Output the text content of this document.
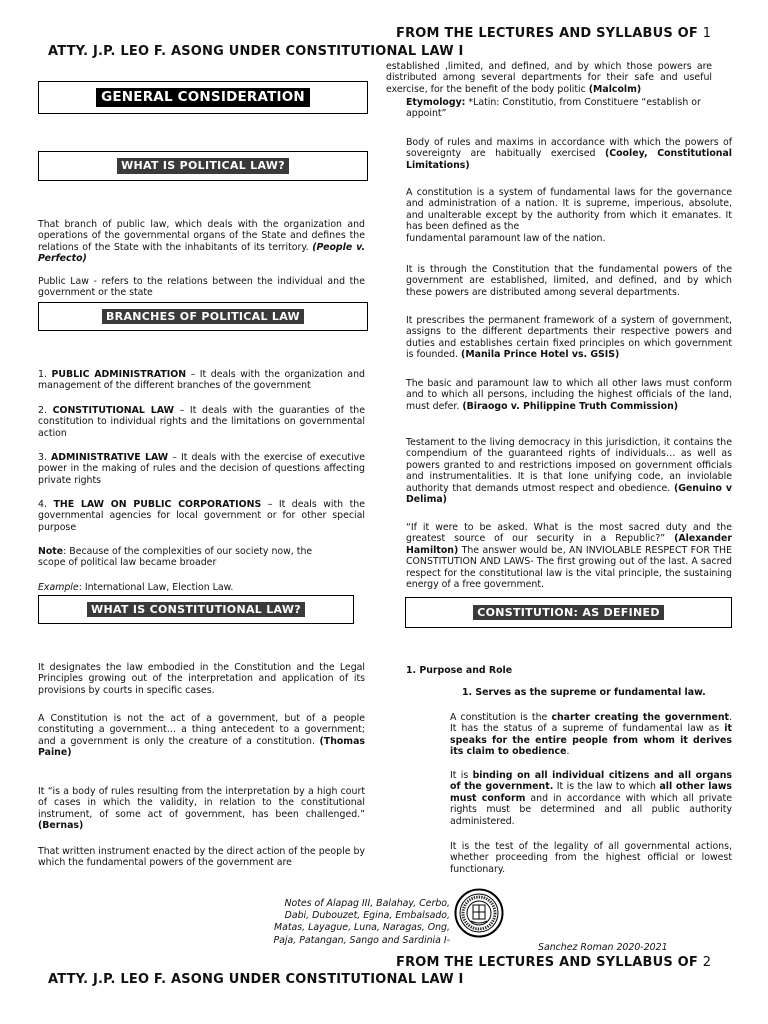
FROM THE LECTURES AND SYLLABUS OF 1
ATTY. J.P. LEO F. ASONG UNDER CONSTITUTIONAL LAW I
GENERAL CONSIDERATION
WHAT IS POLITICAL LAW?
That branch of public law, which deals with the organization and operations of the governmental organs of the State and defines the relations of the State with the inhabitants of its territory. (People v. Perfecto)
Public Law - refers to the relations between the individual and the government or the state
BRANCHES OF POLITICAL LAW
1. PUBLIC ADMINISTRATION – It deals with the organization and management of the different branches of the government
2. CONSTITUTIONAL LAW – It deals with the guaranties of the constitution to individual rights and the limitations on governmental action
3. ADMINISTRATIVE LAW – It deals with the exercise of executive power in the making of rules and the decision of questions affecting private rights
4. THE LAW ON PUBLIC CORPORATIONS – It deals with the governmental agencies for local government or for other special purpose
Note: Because of the complexities of our society now, the scope of political law became broader
Example: International Law, Election Law.
WHAT IS CONSTITUTIONAL LAW?
It designates the law embodied in the Constitution and the Legal Principles growing out of the interpretation and application of its provisions by courts in specific cases.
A Constitution is not the act of a government, but of a people constituting a government… a thing antecedent to a government; and a government is only the creature of a constitution. (Thomas Paine)
It “is a body of rules resulting from the interpretation by a high court of cases in which the validity, in relation to the constitutional instrument, of some act of government, has been challenged.” (Bernas)
That written instrument enacted by the direct action of the people by which the fundamental powers of the government are
established ,limited, and defined, and by which those powers are distributed among several departments for their safe and useful exercise, for the benefit of the body politic (Malcolm)
Etymology: *Latin: Constitutio, from Constituere “establish or appoint”
Body of rules and maxims in accordance with which the powers of sovereignty are habitually exercised (Cooley, Constitutional Limitations)
A constitution is a system of fundamental laws for the governance and administration of a nation. It is supreme, imperious, absolute, and unalterable except by the authority from which it emanates. It has been defined as the
fundamental paramount law of the nation.
It is through the Constitution that the fundamental powers of the government are established, limited, and defined, and by which these powers are distributed among several departments.
It prescribes the permanent framework of a system of government, assigns to the different departments their respective powers and duties and establishes certain fixed principles on which government is founded. (Manila Prince Hotel vs. GSIS)
The basic and paramount law to which all other laws must conform and to which all persons, including the highest officials of the land, must defer. (Biraogo v. Philippine Truth Commission)
Testament to the living democracy in this jurisdiction, it contains the compendium of the guaranteed rights of individuals… as well as powers granted to and restrictions imposed on government officials and instrumentalities. It is that lone unifying code, an inviolable authority that demands utmost respect and obedience. (Genuino v Delima)
“If it were to be asked. What is the most sacred duty and the greatest source of our security in a Republic?” (Alexander Hamilton) The answer would be, AN INVIOLABLE RESPECT FOR THE CONSTITUTION AND LAWS- The first growing out of the last. A sacred respect for the constitutional law is the vital principle, the sustaining energy of a free government.
CONSTITUTION: AS DEFINED
1. Purpose and Role
1. Serves as the supreme or fundamental law.
A constitution is the charter creating the government. It has the status of a supreme of fundamental law as it speaks for the entire people from whom it derives its claim to obedience.
It is binding on all individual citizens and all organs of the government. It is the law to which all other laws must conform and in accordance with which all private rights must be determined and all public authority administered.
It is the test of the legality of all governmental actions, whether proceeding from the highest official or lowest functionary.
Notes of Alapag III, Balahay, Cerbo, Dabi, Dubouzet, Egina, Embalsado, Matas, Layague, Luna, Naragas, Ong, Paja, Patangan, Sango and Sardinia I-
Sanchez Roman 2020-2021
FROM THE LECTURES AND SYLLABUS OF 2
ATTY. J.P. LEO F. ASONG UNDER CONSTITUTIONAL LAW I
